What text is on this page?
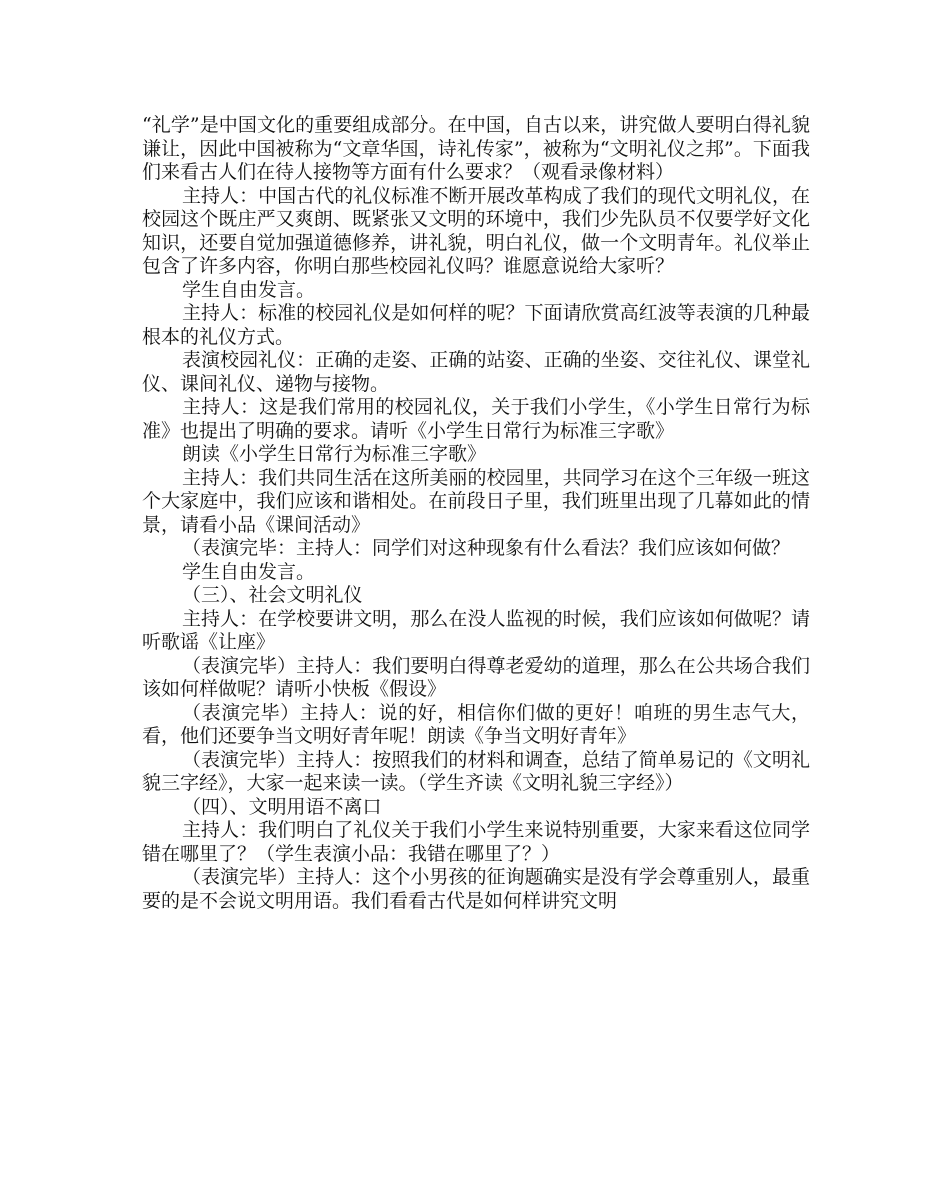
“礼学”是中国文化的重要组成部分。在中国，自古以来，讲究做人要明白得礼貌谦让，因此中国被称为“文章华国，诗礼传家”，被称为“文明礼仪之邦”。下面我们来看古人们在待人接物等方面有什么要求？（观看录像材料）

主持人：中国古代的礼仪标准不断开展改革构成了我们的现代文明礼仪，在校园这个既庄严又爽朗、既紧张又文明的环境中，我们少先队员不仅要学好文化知识，还要自觉加强道德修养，讲礼貌，明白礼仪，做一个文明青年。礼仪举止包含了许多内容，你明白那些校园礼仪吗？谁愿意说给大家听？

学生自由发言。

主持人：标准的校园礼仪是如何样的呢？下面请欣赏高红波等表演的几种最根本的礼仪方式。

表演校园礼仪：正确的走姿、正确的站姿、正确的坐姿、交往礼仪、课堂礼仪、课间礼仪、递物与接物。

主持人：这是我们常用的校园礼仪，关于我们小学生，《小学生日常行为标准》也提出了明确的要求。请听《小学生日常行为标准三字歌》

朗读《小学生日常行为标准三字歌》

主持人：我们共同生活在这所美丽的校园里，共同学习在这个三年级一班这个大家庭中，我们应该和谐相处。在前段日子里，我们班里出现了几幕如此的情景，请看小品《课间活动》

（表演完毕：主持人：同学们对这种现象有什么看法？我们应该如何做？

学生自由发言。

（三）、社会文明礼仪

主持人：在学校要讲文明，那么在没人监视的时候，我们应该如何做呢？请听歌谣《让座》

（表演完毕）主持人：我们要明白得尊老爱幼的道理，那么在公共场合我们该如何样做呢？请听小快板《假设》

（表演完毕）主持人：说的好，相信你们做的更好！咱班的男生志气大，看，他们还要争当文明好青年呢！朗读《争当文明好青年》

（表演完毕）主持人：按照我们的材料和调查，总结了简单易记的《文明礼貌三字经》，大家一起来读一读。（学生齐读《文明礼貌三字经》）

（四）、文明用语不离口

主持人：我们明白了礼仪关于我们小学生来说特别重要，大家来看这位同学错在哪里了？（学生表演小品：我错在哪里了？）

（表演完毕）主持人：这个小男孩的征询题确实是没有学会尊重别人，最重要的是不会说文明用语。我们看看古代是如何样讲究文明
